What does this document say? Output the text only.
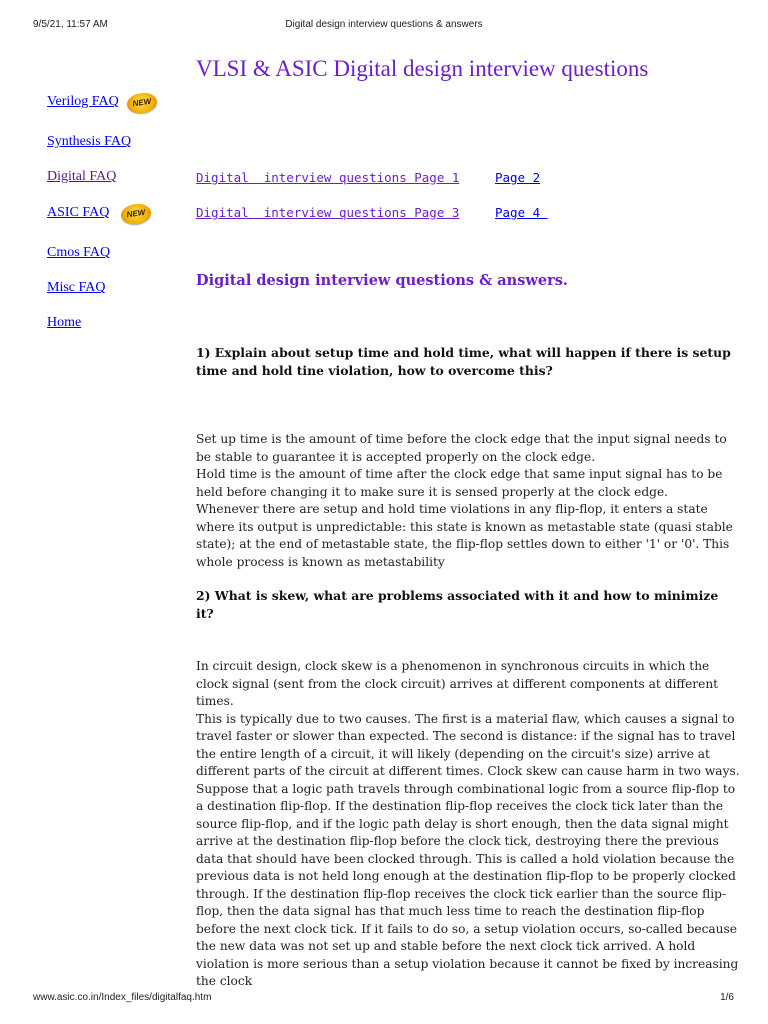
9/5/21, 11:57 AM	Digital design interview questions & answers
VLSI & ASIC Digital design interview questions
Verilog FAQ	NEW
Synthesis FAQ
Digital FAQ
ASIC FAQ	NEW
Cmos FAQ
Misc FAQ
Home
Digital  interview questions Page 1	Page 2
Digital  interview questions Page 3	Page 4
Digital design interview questions & answers.

1) Explain about setup time and hold time, what will happen if there is setup time and hold tine violation, how to overcome this?

Set up time is the amount of time before the clock edge that the input signal needs to be stable to guarantee it is accepted properly on the clock edge.
Hold time is the amount of time after the clock edge that same input signal has to be held before changing it to make sure it is sensed properly at the clock edge.
Whenever there are setup and hold time violations in any flip-flop, it enters a state where its output is unpredictable: this state is known as metastable state (quasi stable state); at the end of metastable state, the flip-flop settles down to either '1' or '0'. This whole process is known as metastability

2) What is skew, what are problems associated with it and how to minimize it?

In circuit design, clock skew is a phenomenon in synchronous circuits in which the clock signal (sent from the clock circuit) arrives at different components at different times.
This is typically due to two causes. The first is a material flaw, which causes a signal to travel faster or slower than expected. The second is distance: if the signal has to travel the entire length of a circuit, it will likely (depending on the circuit's size) arrive at different parts of the circuit at different times. Clock skew can cause harm in two ways. Suppose that a logic path travels through combinational logic from a source flip-flop to a destination flip-flop. If the destination flip-flop receives the clock tick later than the source flip-flop, and if the logic path delay is short enough, then the data signal might arrive at the destination flip-flop before the clock tick, destroying there the previous data that should have been clocked through. This is called a hold violation because the previous data is not held long enough at the destination flip-flop to be properly clocked through. If the destination flip-flop receives the clock tick earlier than the source flip-flop, then the data signal has that much less time to reach the destination flip-flop before the next clock tick. If it fails to do so, a setup violation occurs, so-called because the new data was not set up and stable before the next clock tick arrived. A hold violation is more serious than a setup violation because it cannot be fixed by increasing the clock
www.asic.co.in/Index_files/digitalfaq.htm	1/6
